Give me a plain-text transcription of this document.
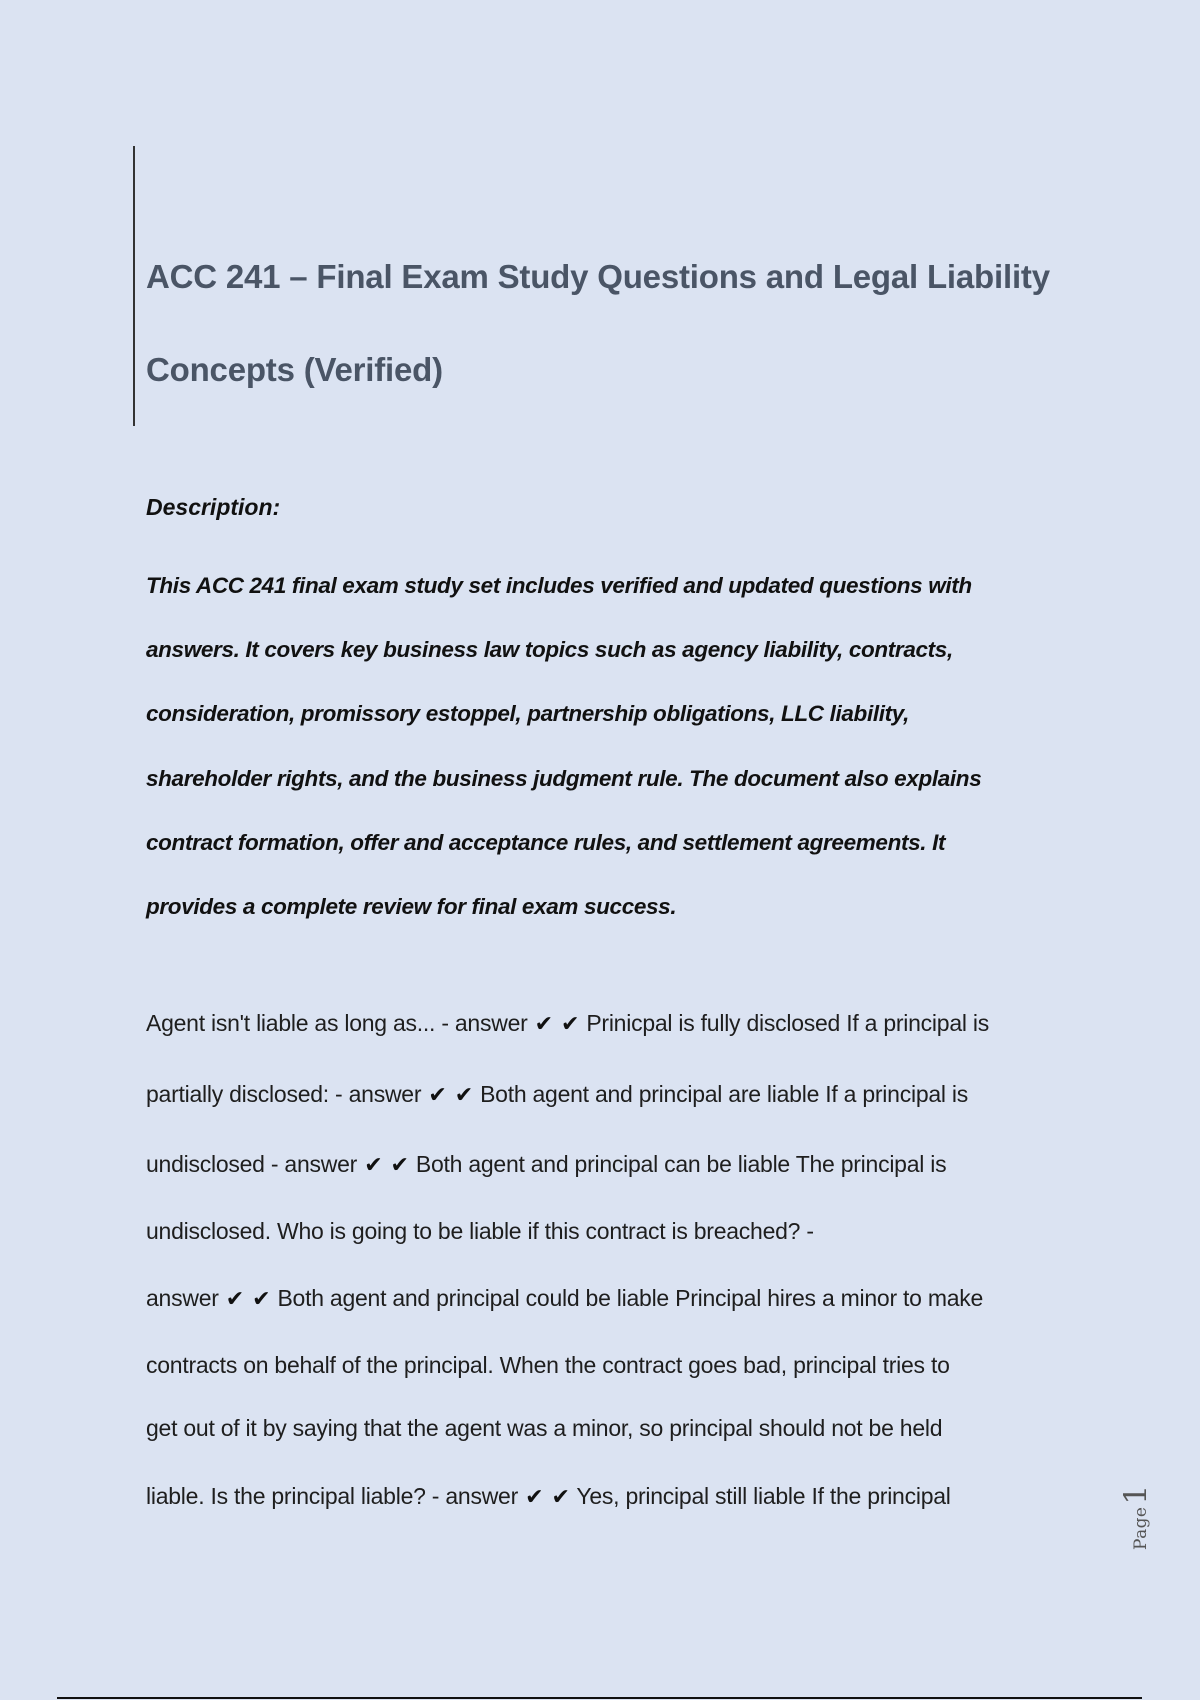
ACC 241 – Final Exam Study Questions and Legal Liability Concepts (Verified)

Description:

This ACC 241 final exam study set includes verified and updated questions with
answers. It covers key business law topics such as agency liability, contracts,
consideration, promissory estoppel, partnership obligations, LLC liability,
shareholder rights, and the business judgment rule. The document also explains
contract formation, offer and acceptance rules, and settlement agreements. It
provides a complete review for final exam success.

Agent isn't liable as long as... - answer ✔ ✔ Prinicpal is fully disclosed If a principal is
partially disclosed: - answer ✔ ✔ Both agent and principal are liable If a principal is
undisclosed - answer ✔ ✔ Both agent and principal can be liable The principal is
undisclosed. Who is going to be liable if this contract is breached? -
answer ✔ ✔ Both agent and principal could be liable Principal hires a minor to make
contracts on behalf of the principal. When the contract goes bad, principal tries to
get out of it by saying that the agent was a minor, so principal should not be held
liable. Is the principal liable? - answer ✔ ✔ Yes, principal still liable If the principal
Page1
